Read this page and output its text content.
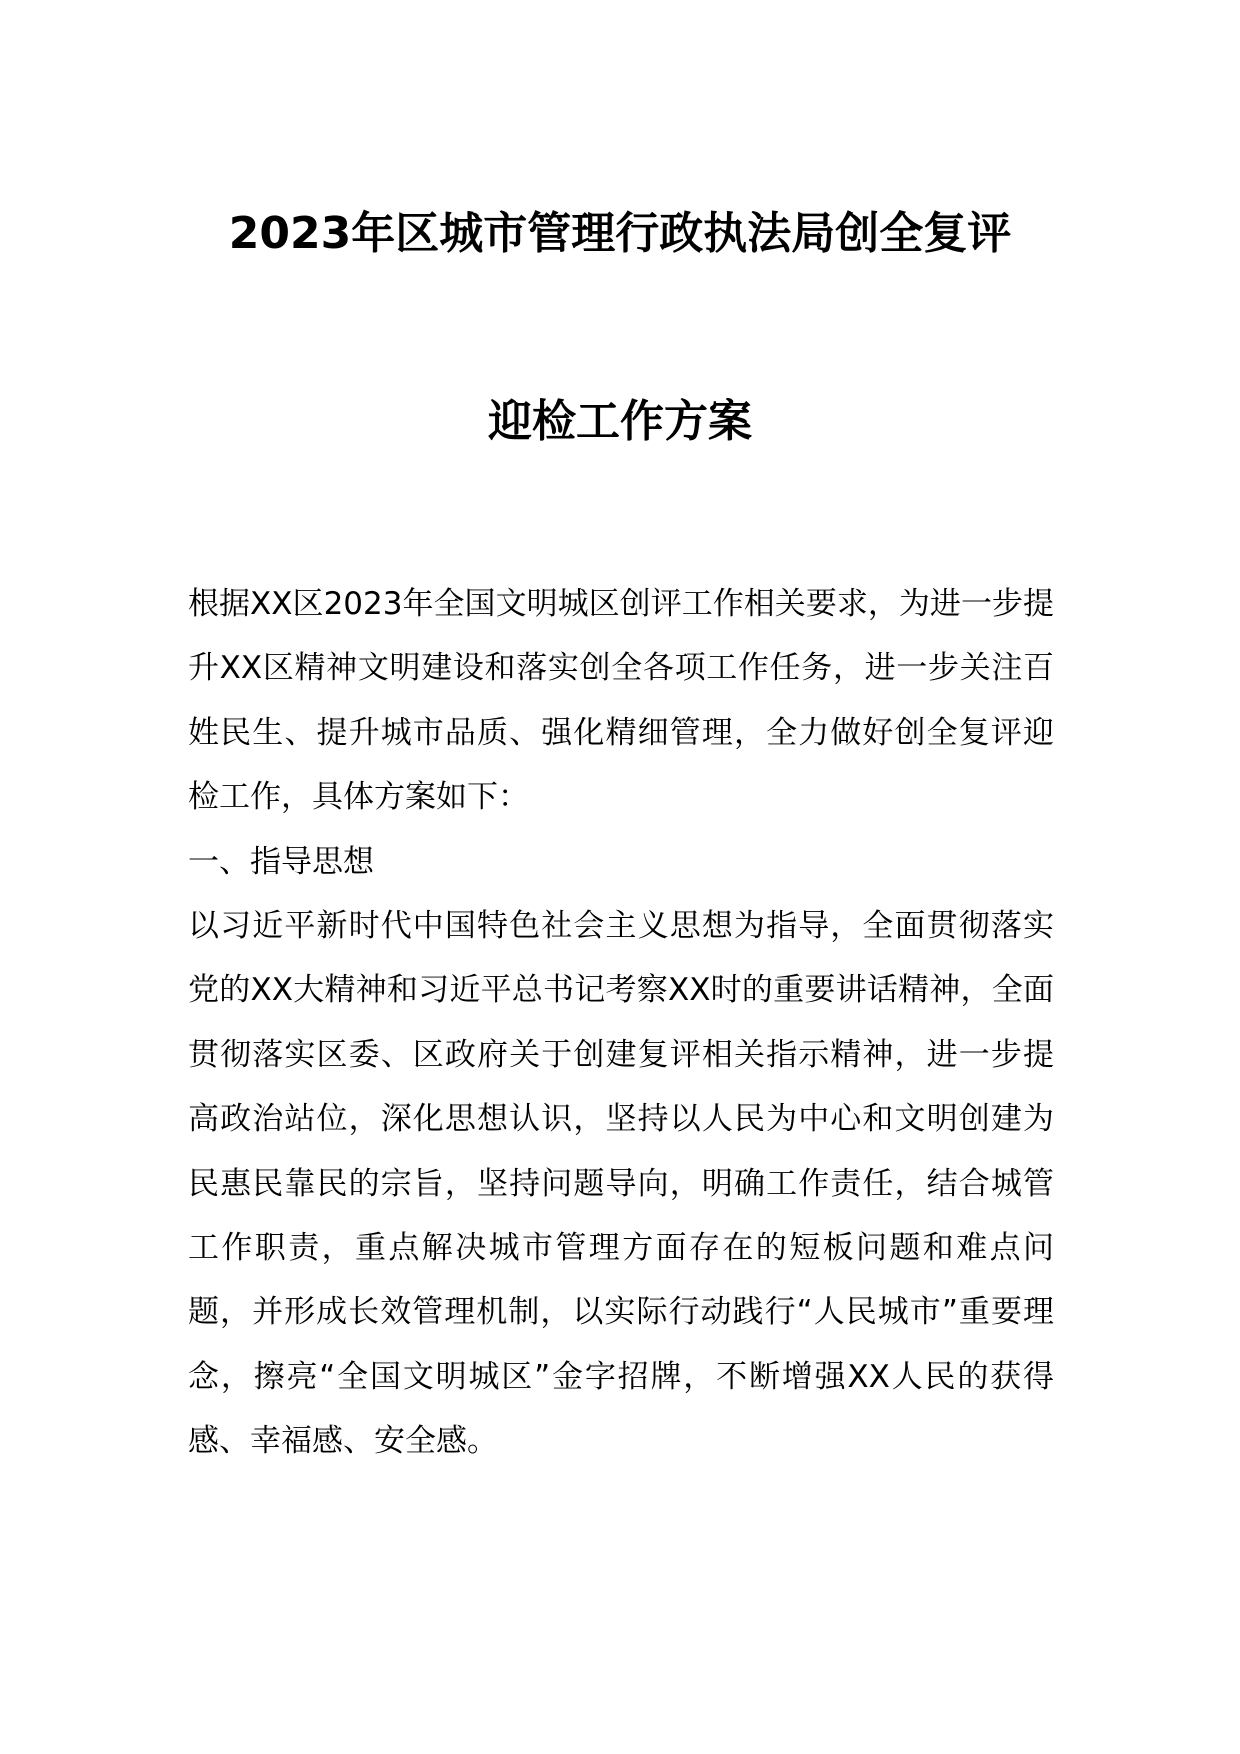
2023年区城市管理行政执法局创全复评
迎检工作方案

根据XX区2023年全国文明城区创评工作相关要求，为进一步提升XX区精神文明建设和落实创全各项工作任务，进一步关注百姓民生、提升城市品质、强化精细管理，全力做好创全复评迎检工作，具体方案如下：

一、指导思想

以习近平新时代中国特色社会主义思想为指导，全面贯彻落实党的XX大精神和习近平总书记考察XX时的重要讲话精神，全面贯彻落实区委、区政府关于创建复评相关指示精神，进一步提高政治站位，深化思想认识，坚持以人民为中心和文明创建为民惠民靠民的宗旨，坚持问题导向，明确工作责任，结合城管工作职责，重点解决城市管理方面存在的短板问题和难点问题，并形成长效管理机制，以实际行动践行“人民城市”重要理念，擦亮“全国文明城区”金字招牌，不断增强XX人民的获得感、幸福感、安全感。
